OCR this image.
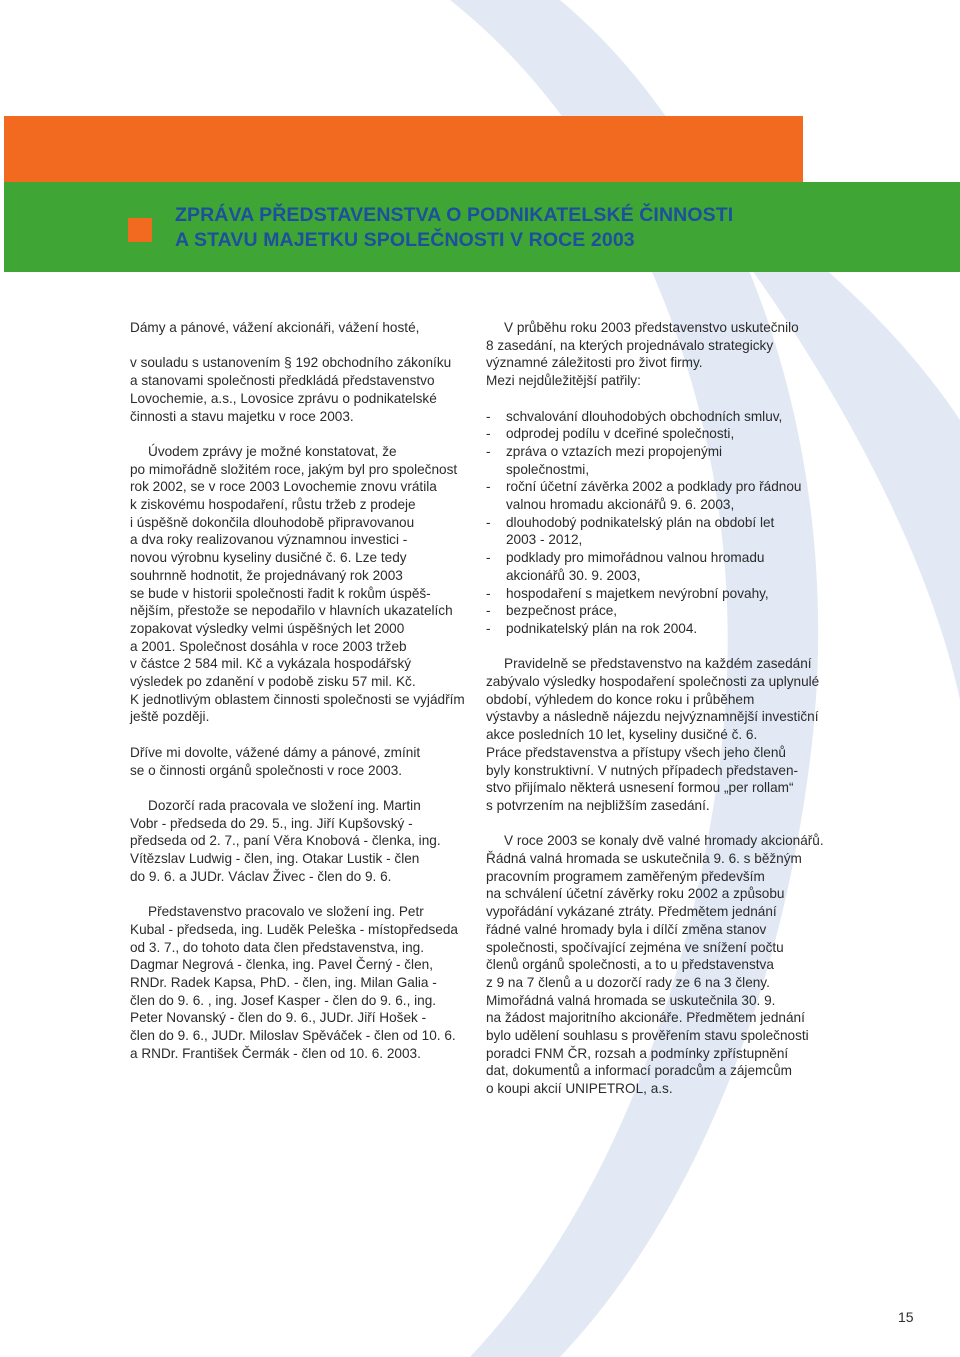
ZPRÁVA PŘEDSTAVENSTVA O PODNIKATELSKÉ ČINNOSTI
A STAVU MAJETKU SPOLEČNOSTI V ROCE 2003
Dámy a pánové, vážení akcionáři, vážení hosté,
v souladu s ustanovením § 192 obchodního zákoníku
a stanovami společnosti předkládá představenstvo
Lovochemie, a.s., Lovosice zprávu o podnikatelské
činnosti a stavu majetku v roce 2003.
Úvodem zprávy je možné konstatovat, že
po mimořádně složitém roce, jakým byl pro společnost
rok 2002, se v roce 2003 Lovochemie znovu vrátila
k ziskovému hospodaření, růstu tržeb z prodeje
i úspěšně dokončila dlouhodobě připravovanou
a dva roky realizovanou významnou investici -
novou výrobnu kyseliny dusičné č. 6. Lze tedy
souhrnně hodnotit, že projednávaný rok 2003
se bude v historii společnosti řadit k rokům úspěš-
nějším, přestože se nepodařilo v hlavních ukazatelích
zopakovat výsledky velmi úspěšných let 2000
a 2001. Společnost dosáhla v roce 2003 tržeb
v částce 2 584 mil. Kč a vykázala hospodářský
výsledek po zdanění v podobě zisku 57 mil. Kč.
K jednotlivým oblastem činnosti společnosti se vyjádřím
ještě později.
Dříve mi dovolte, vážené dámy a pánové, zmínit
se o činnosti orgánů společnosti v roce 2003.
Dozorčí rada pracovala ve složení ing. Martin
Vobr - předseda do 29. 5., ing. Jiří Kupšovský -
předseda od 2. 7., paní Věra Knobová - členka, ing.
Vítězslav Ludwig - člen, ing. Otakar Lustik - člen
do 9. 6. a JUDr. Václav Živec - člen do 9. 6.
Představenstvo pracovalo ve složení ing. Petr
Kubal - předseda, ing. Luděk Peleška - místopředseda
od 3. 7., do tohoto data člen představenstva, ing.
Dagmar Negrová - členka, ing. Pavel Černý - člen,
RNDr. Radek Kapsa, PhD. - člen, ing. Milan Galia -
člen do 9. 6. , ing. Josef Kasper - člen do 9. 6., ing.
Peter Novanský - člen do 9. 6., JUDr. Jiří Hošek -
člen do 9. 6., JUDr. Miloslav Spěváček - člen od 10. 6.
a RNDr. František Čermák - člen od 10. 6. 2003.
V průběhu roku 2003 představenstvo uskutečnilo
8 zasedání, na kterých projednávalo strategicky
významné záležitosti pro život firmy.
Mezi nejdůležitější patřily:
- schvalování dlouhodobých obchodních smluv,
- odprodej podílu v dceřiné společnosti,
- zpráva o vztazích mezi propojenými
společnostmi,
- roční účetní závěrka 2002 a podklady pro řádnou
valnou hromadu akcionářů 9. 6. 2003,
- dlouhodobý podnikatelský plán na období let
2003 - 2012,
- podklady pro mimořádnou valnou hromadu
akcionářů 30. 9. 2003,
- hospodaření s majetkem nevýrobní povahy,
- bezpečnost práce,
- podnikatelský plán na rok 2004.
Pravidelně se představenstvo na každém zasedání
zabývalo výsledky hospodaření společnosti za uplynulé
období, výhledem do konce roku i průběhem
výstavby a následně nájezdu nejvýznamnější investiční
akce posledních 10 let, kyseliny dusičné č. 6.
Práce představenstva a přístupy všech jeho členů
byly konstruktivní. V nutných případech představen-
stvo přijímalo některá usnesení formou „per rollam“
s potvrzením na nejbližším zasedání.
V roce 2003 se konaly dvě valné hromady akcionářů.
Řádná valná hromada se uskutečnila 9. 6. s běžným
pracovním programem zaměřeným především
na schválení účetní závěrky roku 2002 a způsobu
vypořádání vykázané ztráty. Předmětem jednání
řádné valné hromady byla i dílčí změna stanov
společnosti, spočívající zejména ve snížení počtu
členů orgánů společnosti, a to u představenstva
z 9 na 7 členů a u dozorčí rady ze 6 na 3 členy.
Mimořádná valná hromada se uskutečnila 30. 9.
na žádost majoritního akcionáře. Předmětem jednání
bylo udělení souhlasu s prověřením stavu společnosti
poradci FNM ČR, rozsah a podmínky zpřístupnění
dat, dokumentů a informací poradcům a zájemcům
o koupi akcií UNIPETROL, a.s.
15
